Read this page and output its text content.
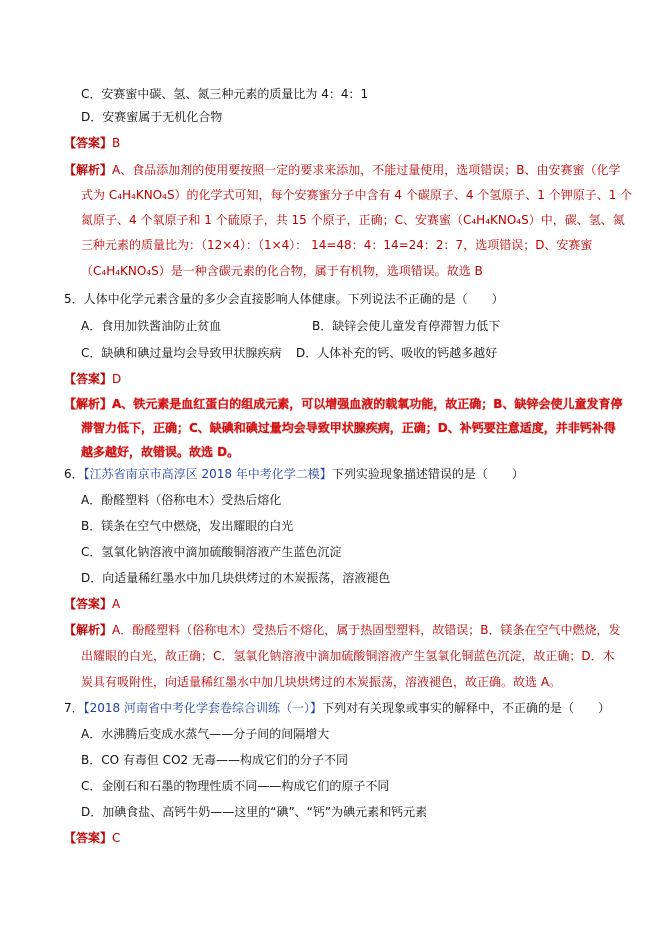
C．安赛蜜中碳、氢、氮三种元素的质量比为 4：4：1
D．安赛蜜属于无机化合物
【答案】B
【解析】A、食品添加剂的使用要按照一定的要求来添加，不能过量使用，选项错误；B、由安赛蜜（化学
式为 C₄H₄KNO₄S）的化学式可知，每个安赛蜜分子中含有 4 个碳原子、4 个氢原子、1 个钾原子、1 个
氮原子、4 个氧原子和 1 个硫原子，共 15 个原子，正确；C、安赛蜜（C₄H₄KNO₄S）中，碳、氢、氮
三种元素的质量比为：（12×4）：（1×4）： 14=48：4：14=24：2：7，选项错误；D、安赛蜜
（C₄H₄KNO₄S）是一种含碳元素的化合物，属于有机物，选项错误。故选 B
5．人体中化学元素含量的多少会直接影响人体健康。下列说法不正确的是（　　）
A．食用加铁酱油防止贫血	B．缺锌会使儿童发育停滞智力低下
C．缺碘和碘过量均会导致甲状腺疾病 D．人体补充的钙、吸收的钙越多越好
【答案】D
【解析】A、铁元素是血红蛋白的组成元素，可以增强血液的载氧功能，故正确；B、缺锌会使儿童发育停
滞智力低下，正确；C、缺碘和碘过量均会导致甲状腺疾病，正确；D、补钙要注意适度，并非钙补得
越多越好，故错误。故选 D。
6．【江苏省南京市高淳区 2018 年中考化学二模】下列实验现象描述错误的是（　　）
A．酚醛塑料（俗称电木）受热后熔化
B．镁条在空气中燃烧，发出耀眼的白光
C．氢氧化钠溶液中滴加硫酸铜溶液产生蓝色沉淀
D．向适量稀红墨水中加几块烘烤过的木炭振荡，溶液褪色
【答案】A
【解析】A．酚醛塑料（俗称电木）受热后不熔化，属于热固型塑料，故错误；B．镁条在空气中燃烧，发
出耀眼的白光，故正确；C．氢氧化钠溶液中滴加硫酸铜溶液产生氢氧化铜蓝色沉淀，故正确；D．木
炭具有吸附性，向适量稀红墨水中加几块烘烤过的木炭振荡，溶液褪色，故正确。故选 A。
7．【2018 河南省中考化学套卷综合训练（一）】下列对有关现象或事实的解释中，不正确的是（　　）
A．水沸腾后变成水蒸气——分子间的间隔增大
B．CO 有毒但 CO2 无毒——构成它们的分子不同
C．金刚石和石墨的物理性质不同——构成它们的原子不同
D．加碘食盐、高钙牛奶——这里的“碘”、“钙”为碘元素和钙元素
【答案】C
